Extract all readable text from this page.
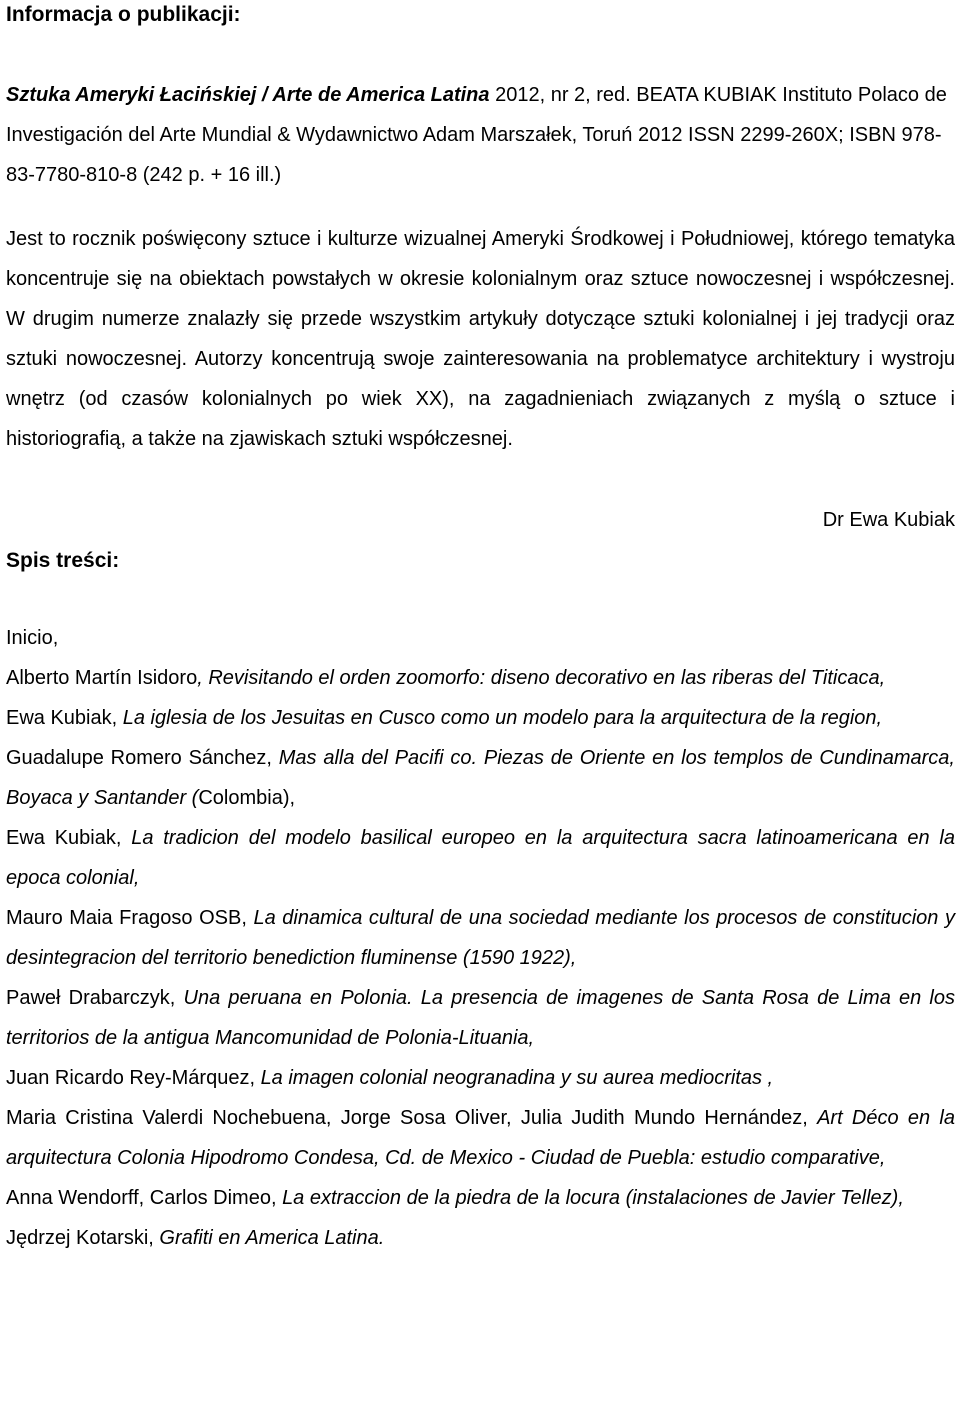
Informacja o publikacji:

Sztuka Ameryki Łacińskiej / Arte de America Latina 2012, nr 2, red. BEATA KUBIAK Instituto Polaco de Investigación del Arte Mundial & Wydawnictwo Adam Marszałek, Toruń 2012 ISSN 2299-260X; ISBN 978-83-7780-810-8 (242 p. + 16 ill.)

Jest to rocznik poświęcony sztuce i kulturze wizualnej Ameryki Środkowej i Południowej, którego tematyka koncentruje się na obiektach powstałych w okresie kolonialnym oraz sztuce nowoczesnej i współczesnej. W drugim numerze znalazły się przede wszystkim artykuły dotyczące sztuki kolonialnej i jej tradycji oraz sztuki nowoczesnej. Autorzy koncentrują swoje zainteresowania na problematyce architektury i wystroju wnętrz (od czasów kolonialnych po wiek XX), na zagadnieniach związanych z myślą o sztuce i historiografią, a także na zjawiskach sztuki współczesnej.

Dr Ewa Kubiak

Spis treści:
Inicio,
Alberto Martín Isidoro, Revisitando el orden zoomorfo: diseno decorativo en las riberas del Titicaca,
Ewa Kubiak, La iglesia de los Jesuitas en Cusco como un modelo para la arquitectura de la region,
Guadalupe Romero Sánchez, Mas alla del Pacifi co. Piezas de Oriente en los templos de Cundinamarca, Boyaca y Santander (Colombia),
Ewa Kubiak, La tradicion del modelo basilical europeo en la arquitectura sacra latinoamericana en la epoca colonial,
Mauro Maia Fragoso OSB, La dinamica cultural de una sociedad mediante los procesos de constitucion y desintegracion del territorio benediction fluminense (1590 1922),
Paweł Drabarczyk, Una peruana en Polonia. La presencia de imagenes de Santa Rosa de Lima en los territorios de la antigua Mancomunidad de Polonia-Lituania,
Juan Ricardo Rey-Márquez, La imagen colonial neogranadina y su aurea mediocritas ,
Maria Cristina Valerdi Nochebuena, Jorge Sosa Oliver, Julia Judith Mundo Hernández, Art Déco en la arquitectura Colonia Hipodromo Condesa, Cd. de Mexico - Ciudad de Puebla: estudio comparative,
Anna Wendorff, Carlos Dimeo, La extraccion de la piedra de la locura (instalaciones de Javier Tellez),
Jędrzej Kotarski, Grafiti en America Latina.
